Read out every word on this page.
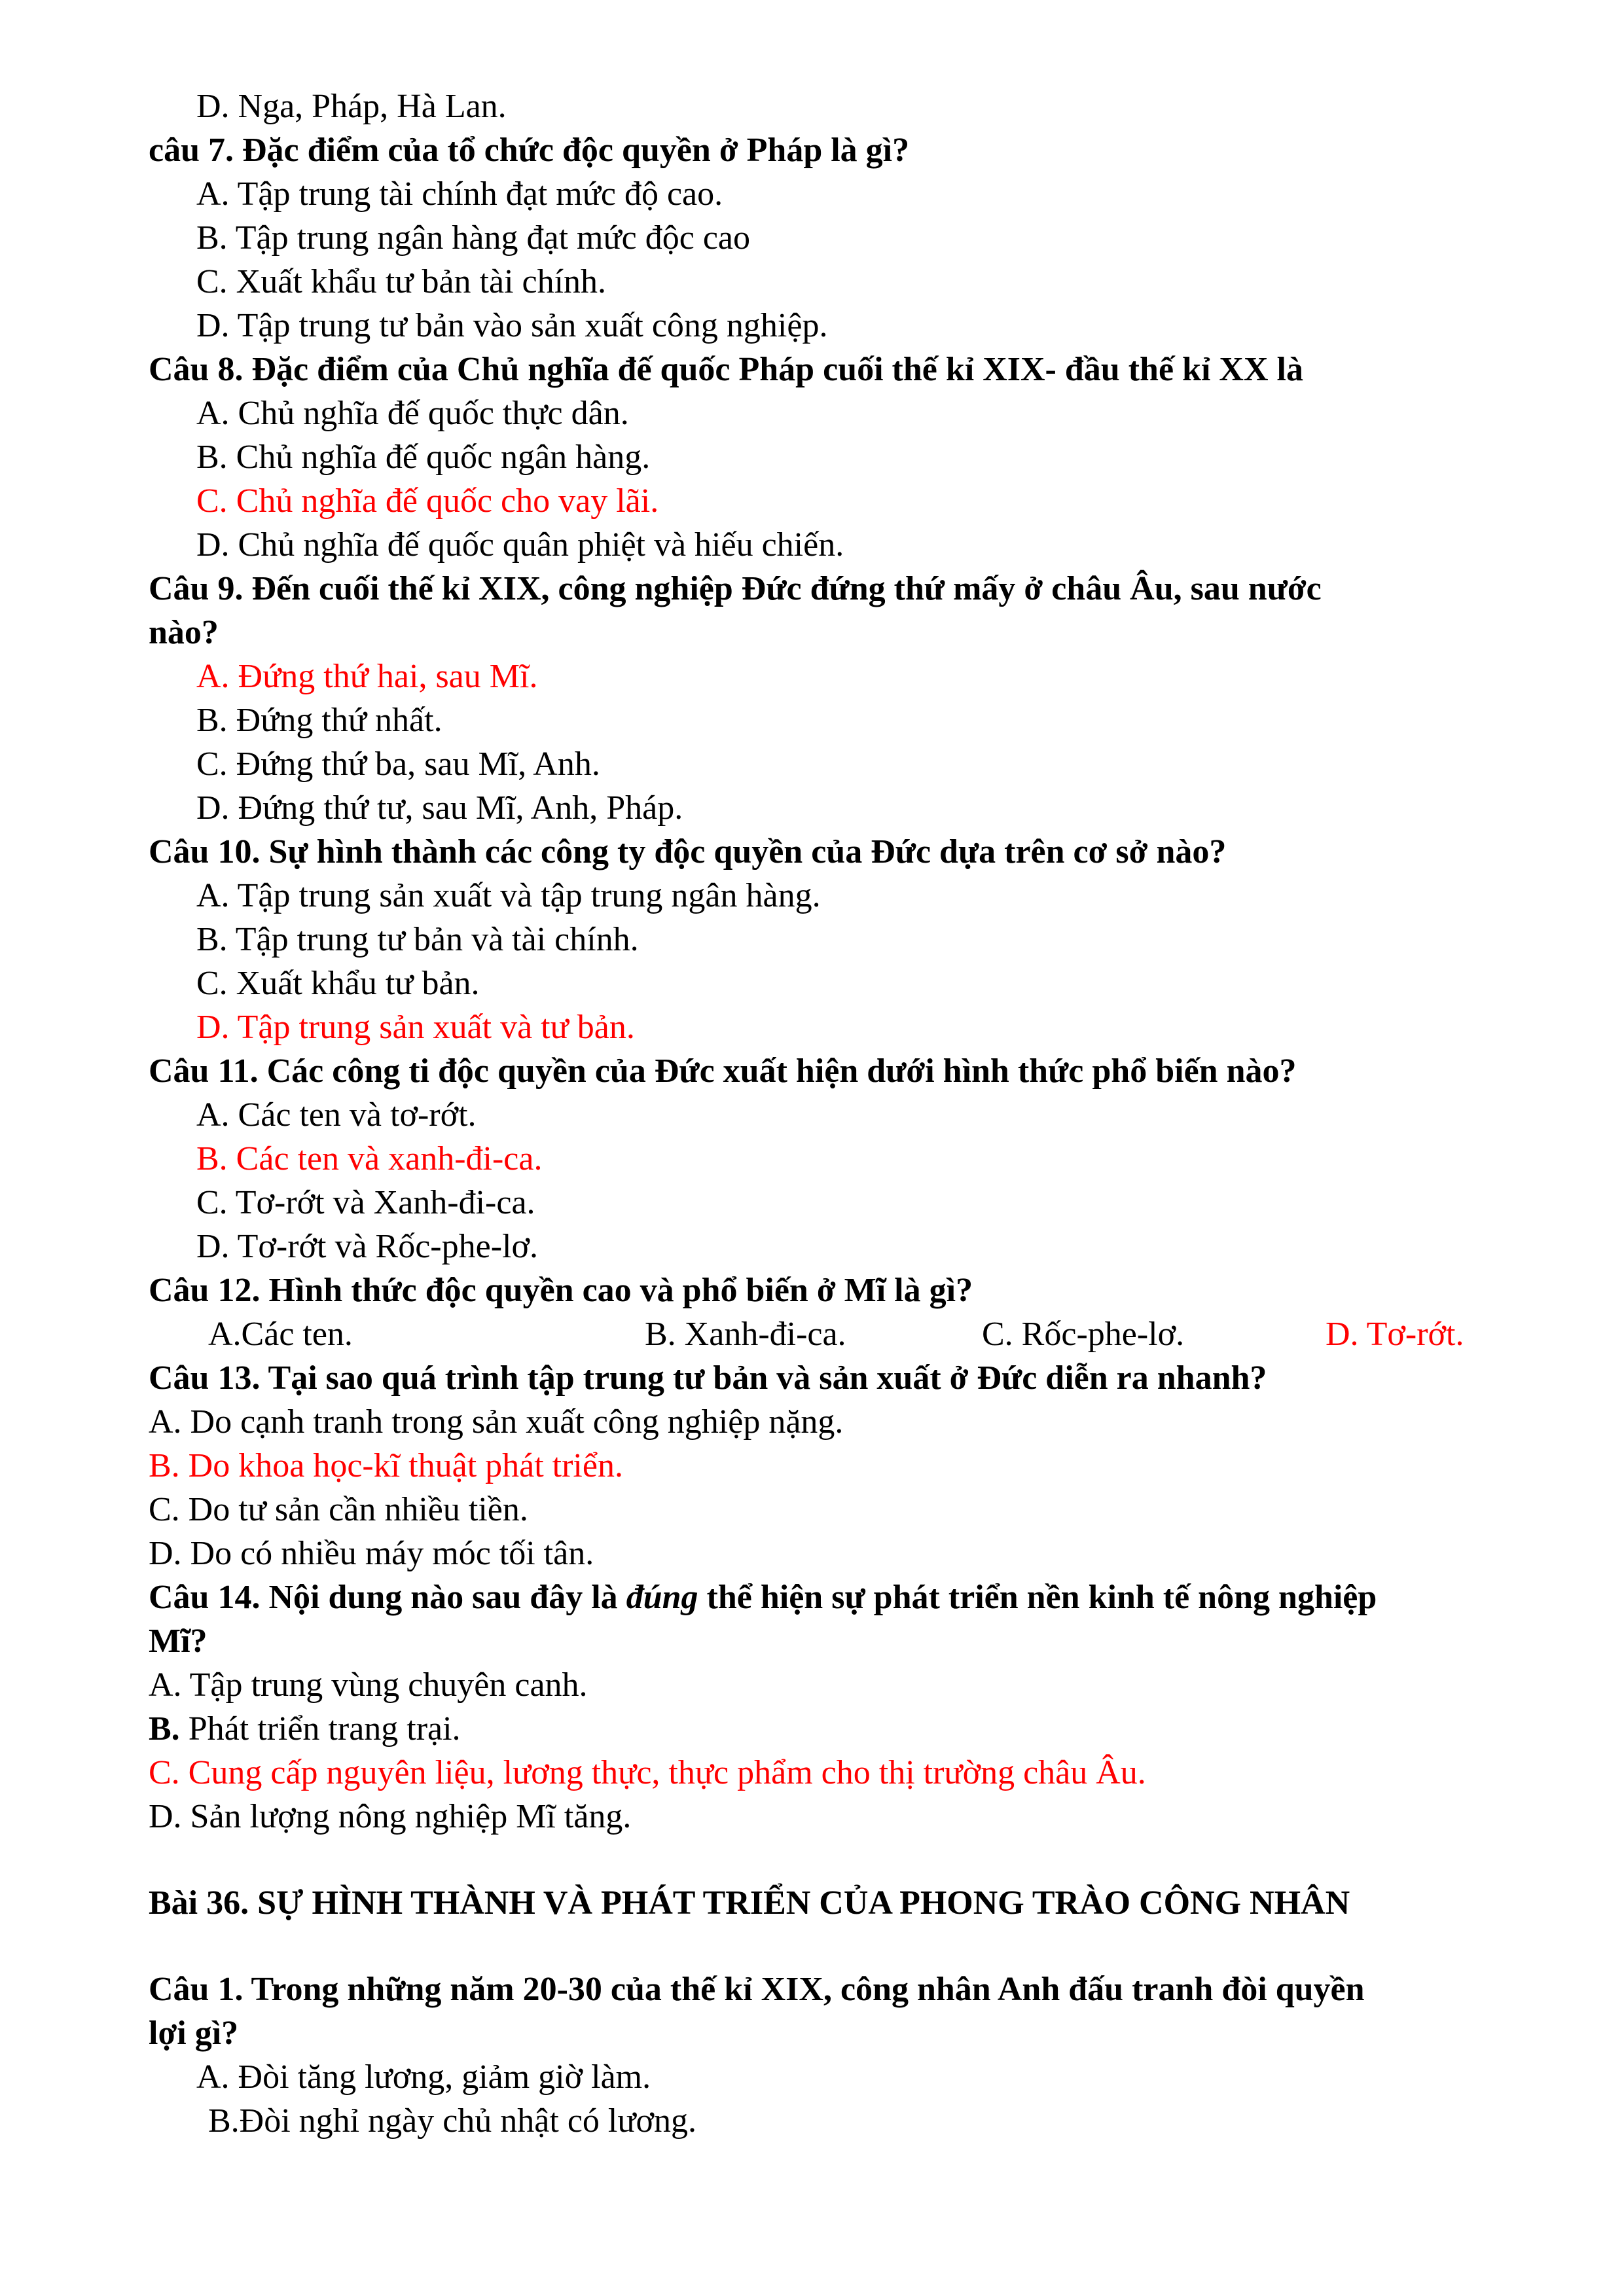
D. Nga, Pháp, Hà Lan.
câu 7. Đặc điểm của tổ chức độc quyền ở Pháp là gì?
A. Tập trung tài chính đạt mức độ cao.
B. Tập trung ngân hàng đạt mức độc cao
C. Xuất khẩu tư bản tài chính.
D. Tập trung tư bản vào sản xuất công nghiệp.
Câu 8. Đặc điểm của Chủ nghĩa đế quốc Pháp cuối thế kỉ XIX- đầu thế kỉ XX là
A. Chủ nghĩa đế quốc thực dân.
B. Chủ nghĩa đế quốc ngân hàng.
C. Chủ nghĩa đế quốc cho vay lãi.
D. Chủ nghĩa đế quốc quân phiệt và hiếu chiến.
Câu 9. Đến cuối thế kỉ XIX, công nghiệp Đức đứng thứ mấy ở châu Âu, sau nước
nào?
A. Đứng thứ hai, sau Mĩ.
B. Đứng thứ nhất.
C. Đứng thứ ba, sau Mĩ, Anh.
D. Đứng thứ tư, sau Mĩ, Anh, Pháp.
Câu 10. Sự hình thành các công ty độc quyền của Đức dựa trên cơ sở nào?
A. Tập trung sản xuất và tập trung ngân hàng.
B. Tập trung tư bản và tài chính.
C. Xuất khẩu tư bản.
D. Tập trung sản xuất và tư bản.
Câu 11. Các công ti độc quyền của Đức xuất hiện dưới hình thức phổ biến nào?
A. Các ten và tơ-rớt.
B. Các ten và xanh-đi-ca.
C. Tơ-rớt và Xanh-đi-ca.
D. Tơ-rớt và Rốc-phe-lơ.
Câu 12. Hình thức độc quyền cao và phổ biến ở Mĩ là gì?
A.Các ten.	B. Xanh-đi-ca.	C. Rốc-phe-lơ.	D. Tơ-rớt.
Câu 13. Tại sao quá trình tập trung tư bản và sản xuất ở Đức diễn ra nhanh?
A. Do cạnh tranh trong sản xuất công nghiệp nặng.
B. Do khoa học-kĩ thuật phát triển.
C. Do tư sản cần nhiều tiền.
D. Do có nhiều máy móc tối tân.
Câu 14. Nội dung nào sau đây là đúng thể hiện sự phát triển nền kinh tế nông nghiệp
Mĩ?
A. Tập trung vùng chuyên canh.
B. Phát triển trang trại.
C. Cung cấp nguyên liệu, lương thực, thực phẩm cho thị trường châu Âu.
D. Sản lượng nông nghiệp Mĩ tăng.
Bài 36. SỰ HÌNH THÀNH VÀ PHÁT TRIỂN CỦA PHONG TRÀO CÔNG NHÂN
Câu 1. Trong những năm 20-30 của thế kỉ XIX, công nhân Anh đấu tranh đòi quyền
lợi gì?
A. Đòi tăng lương, giảm giờ làm.
B.Đòi nghỉ ngày chủ nhật có lương.
